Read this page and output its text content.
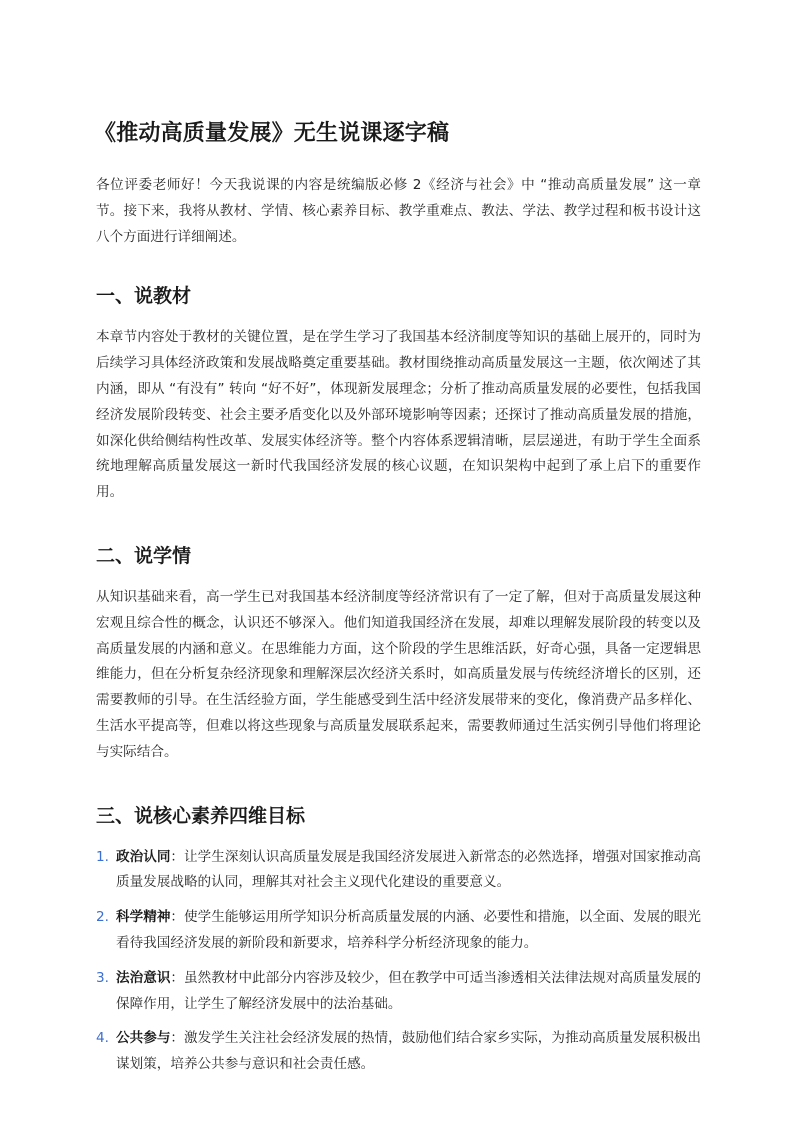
《推动高质量发展》无生说课逐字稿

各位评委老师好！今天我说课的内容是统编版必修 2《经济与社会》中 “推动高质量发展” 这一章节。接下来，我将从教材、学情、核心素养目标、教学重难点、教法、学法、教学过程和板书设计这八个方面进行详细阐述。

一、说教材

本章节内容处于教材的关键位置，是在学生学习了我国基本经济制度等知识的基础上展开的，同时为后续学习具体经济政策和发展战略奠定重要基础。教材围绕推动高质量发展这一主题，依次阐述了其内涵，即从 “有没有” 转向 “好不好”，体现新发展理念；分析了推动高质量发展的必要性，包括我国经济发展阶段转变、社会主要矛盾变化以及外部环境影响等因素；还探讨了推动高质量发展的措施，如深化供给侧结构性改革、发展实体经济等。整个内容体系逻辑清晰，层层递进，有助于学生全面系统地理解高质量发展这一新时代我国经济发展的核心议题，在知识架构中起到了承上启下的重要作用。

二、说学情

从知识基础来看，高一学生已对我国基本经济制度等经济常识有了一定了解，但对于高质量发展这种宏观且综合性的概念，认识还不够深入。他们知道我国经济在发展，却难以理解发展阶段的转变以及高质量发展的内涵和意义。在思维能力方面，这个阶段的学生思维活跃，好奇心强，具备一定逻辑思维能力，但在分析复杂经济现象和理解深层次经济关系时，如高质量发展与传统经济增长的区别，还需要教师的引导。在生活经验方面，学生能感受到生活中经济发展带来的变化，像消费产品多样化、生活水平提高等，但难以将这些现象与高质量发展联系起来，需要教师通过生活实例引导他们将理论与实际结合。

三、说核心素养四维目标
1. 政治认同：让学生深刻认识高质量发展是我国经济发展进入新常态的必然选择，增强对国家推动高质量发展战略的认同，理解其对社会主义现代化建设的重要意义。
2. 科学精神：使学生能够运用所学知识分析高质量发展的内涵、必要性和措施，以全面、发展的眼光看待我国经济发展的新阶段和新要求，培养科学分析经济现象的能力。
3. 法治意识：虽然教材中此部分内容涉及较少，但在教学中可适当渗透相关法律法规对高质量发展的保障作用，让学生了解经济发展中的法治基础。
4. 公共参与：激发学生关注社会经济发展的热情，鼓励他们结合家乡实际，为推动高质量发展积极出谋划策，培养公共参与意识和社会责任感。
